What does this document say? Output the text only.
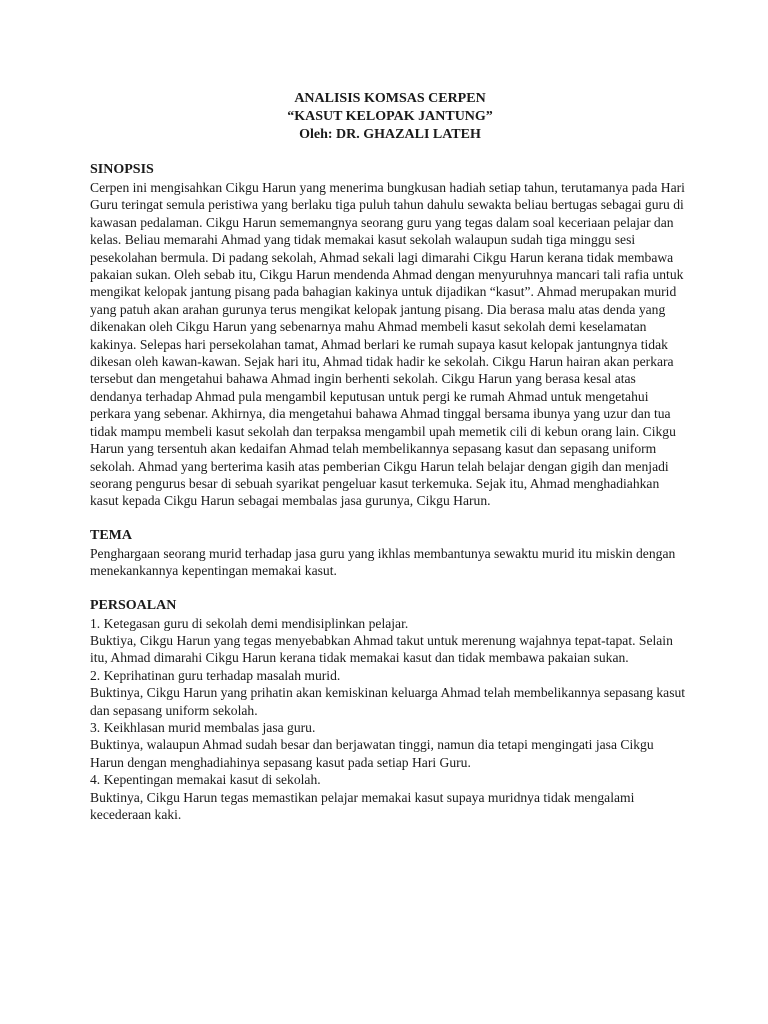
ANALISIS KOMSAS CERPEN
“KASUT KELOPAK JANTUNG”
Oleh: DR. GHAZALI LATEH

SINOPSIS

Cerpen ini mengisahkan Cikgu Harun yang menerima bungkusan hadiah setiap tahun, terutamanya pada Hari Guru teringat semula peristiwa yang berlaku tiga puluh tahun dahulu sewakta beliau bertugas sebagai guru di kawasan pedalaman. Cikgu Harun sememangnya seorang guru yang tegas dalam soal keceriaan pelajar dan kelas. Beliau memarahi Ahmad yang tidak memakai kasut sekolah walaupun sudah tiga minggu sesi pesekolahan bermula. Di padang sekolah, Ahmad sekali lagi dimarahi Cikgu Harun kerana tidak membawa pakaian sukan. Oleh sebab itu, Cikgu Harun mendenda Ahmad dengan menyuruhnya mancari tali rafia untuk mengikat kelopak jantung pisang pada bahagian kakinya untuk dijadikan “kasut”. Ahmad merupakan murid yang patuh akan arahan gurunya terus mengikat kelopak jantung pisang. Dia berasa malu atas denda yang dikenakan oleh Cikgu Harun yang sebenarnya mahu Ahmad membeli kasut sekolah demi keselamatan kakinya. Selepas hari persekolahan tamat, Ahmad berlari ke rumah supaya kasut kelopak jantungnya tidak dikesan oleh kawan-kawan. Sejak hari itu, Ahmad tidak hadir ke sekolah. Cikgu Harun hairan akan perkara tersebut dan mengetahui bahawa Ahmad ingin berhenti sekolah. Cikgu Harun yang berasa kesal atas dendanya terhadap Ahmad pula mengambil keputusan untuk pergi ke rumah Ahmad untuk mengetahui perkara yang sebenar. Akhirnya, dia mengetahui bahawa Ahmad tinggal bersama ibunya yang uzur dan tua tidak mampu membeli kasut sekolah dan terpaksa mengambil upah memetik cili di kebun orang lain. Cikgu Harun yang tersentuh akan kedaifan Ahmad telah membelikannya sepasang kasut dan sepasang uniform sekolah. Ahmad yang berterima kasih atas pemberian Cikgu Harun telah belajar dengan gigih dan menjadi seorang pengurus besar di sebuah syarikat pengeluar kasut terkemuka. Sejak itu, Ahmad menghadiahkan kasut kepada Cikgu Harun sebagai membalas jasa gurunya, Cikgu Harun.

TEMA

Penghargaan seorang murid terhadap jasa guru yang ikhlas membantunya sewaktu murid itu miskin dengan menekankannya kepentingan memakai kasut.

PERSOALAN

1. Ketegasan guru di sekolah demi mendisiplinkan pelajar.

Buktiya, Cikgu Harun yang tegas menyebabkan Ahmad takut untuk merenung wajahnya tepat-tapat. Selain itu, Ahmad dimarahi Cikgu Harun kerana tidak memakai kasut dan tidak membawa pakaian sukan.

2. Keprihatinan guru terhadap masalah murid.

Buktinya, Cikgu Harun yang prihatin akan kemiskinan keluarga Ahmad telah membelikannya sepasang kasut dan sepasang uniform sekolah.

3. Keikhlasan murid membalas jasa guru.

Buktinya, walaupun Ahmad sudah besar dan berjawatan tinggi, namun dia tetapi mengingati jasa Cikgu Harun dengan menghadiahinya sepasang kasut pada setiap Hari Guru.

4. Kepentingan memakai kasut di sekolah.

Buktinya, Cikgu Harun tegas memastikan pelajar memakai kasut supaya muridnya tidak mengalami kecederaan kaki.
